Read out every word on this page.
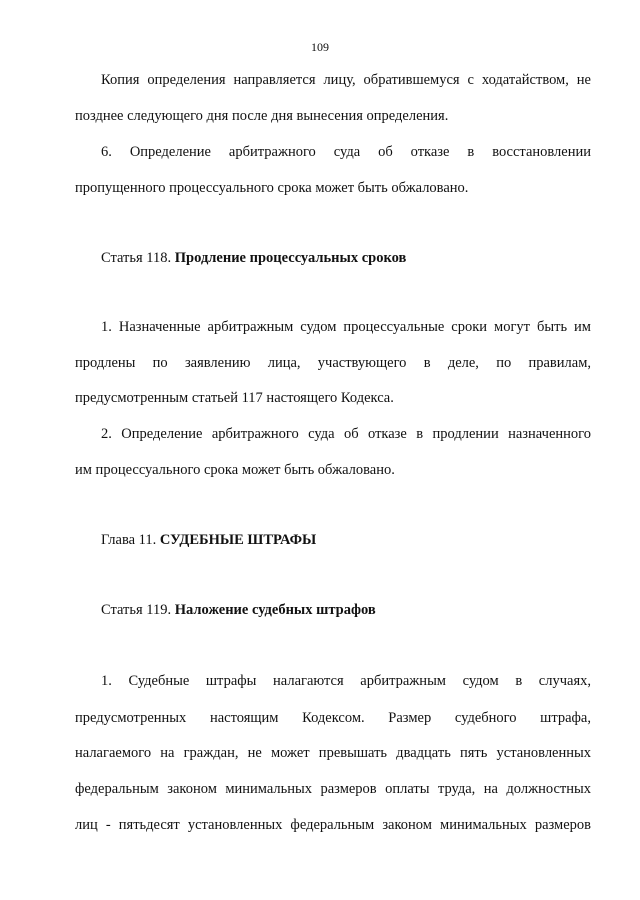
109
Копия определения направляется лицу, обратившемуся с ходатайством, не
позднее следующего дня после дня вынесения определения.
6. Определение арбитражного суда об отказе в восстановлении
пропущенного процессуального срока может быть обжаловано.
Статья 118. Продление процессуальных сроков
1. Назначенные арбитражным судом процессуальные сроки могут быть им
продлены по заявлению лица, участвующего в деле, по правилам,
предусмотренным статьей 117 настоящего Кодекса.
2. Определение арбитражного суда об отказе в продлении назначенного
им процессуального срока может быть обжаловано.
Глава 11. СУДЕБНЫЕ ШТРАФЫ
Статья 119. Наложение судебных штрафов
1. Судебные штрафы налагаются арбитражным судом в случаях,
предусмотренных настоящим Кодексом. Размер судебного штрафа,
налагаемого на граждан, не может превышать двадцать пять установленных
федеральным законом минимальных размеров оплаты труда, на должностных
лиц - пятьдесят установленных федеральным законом минимальных размеров
